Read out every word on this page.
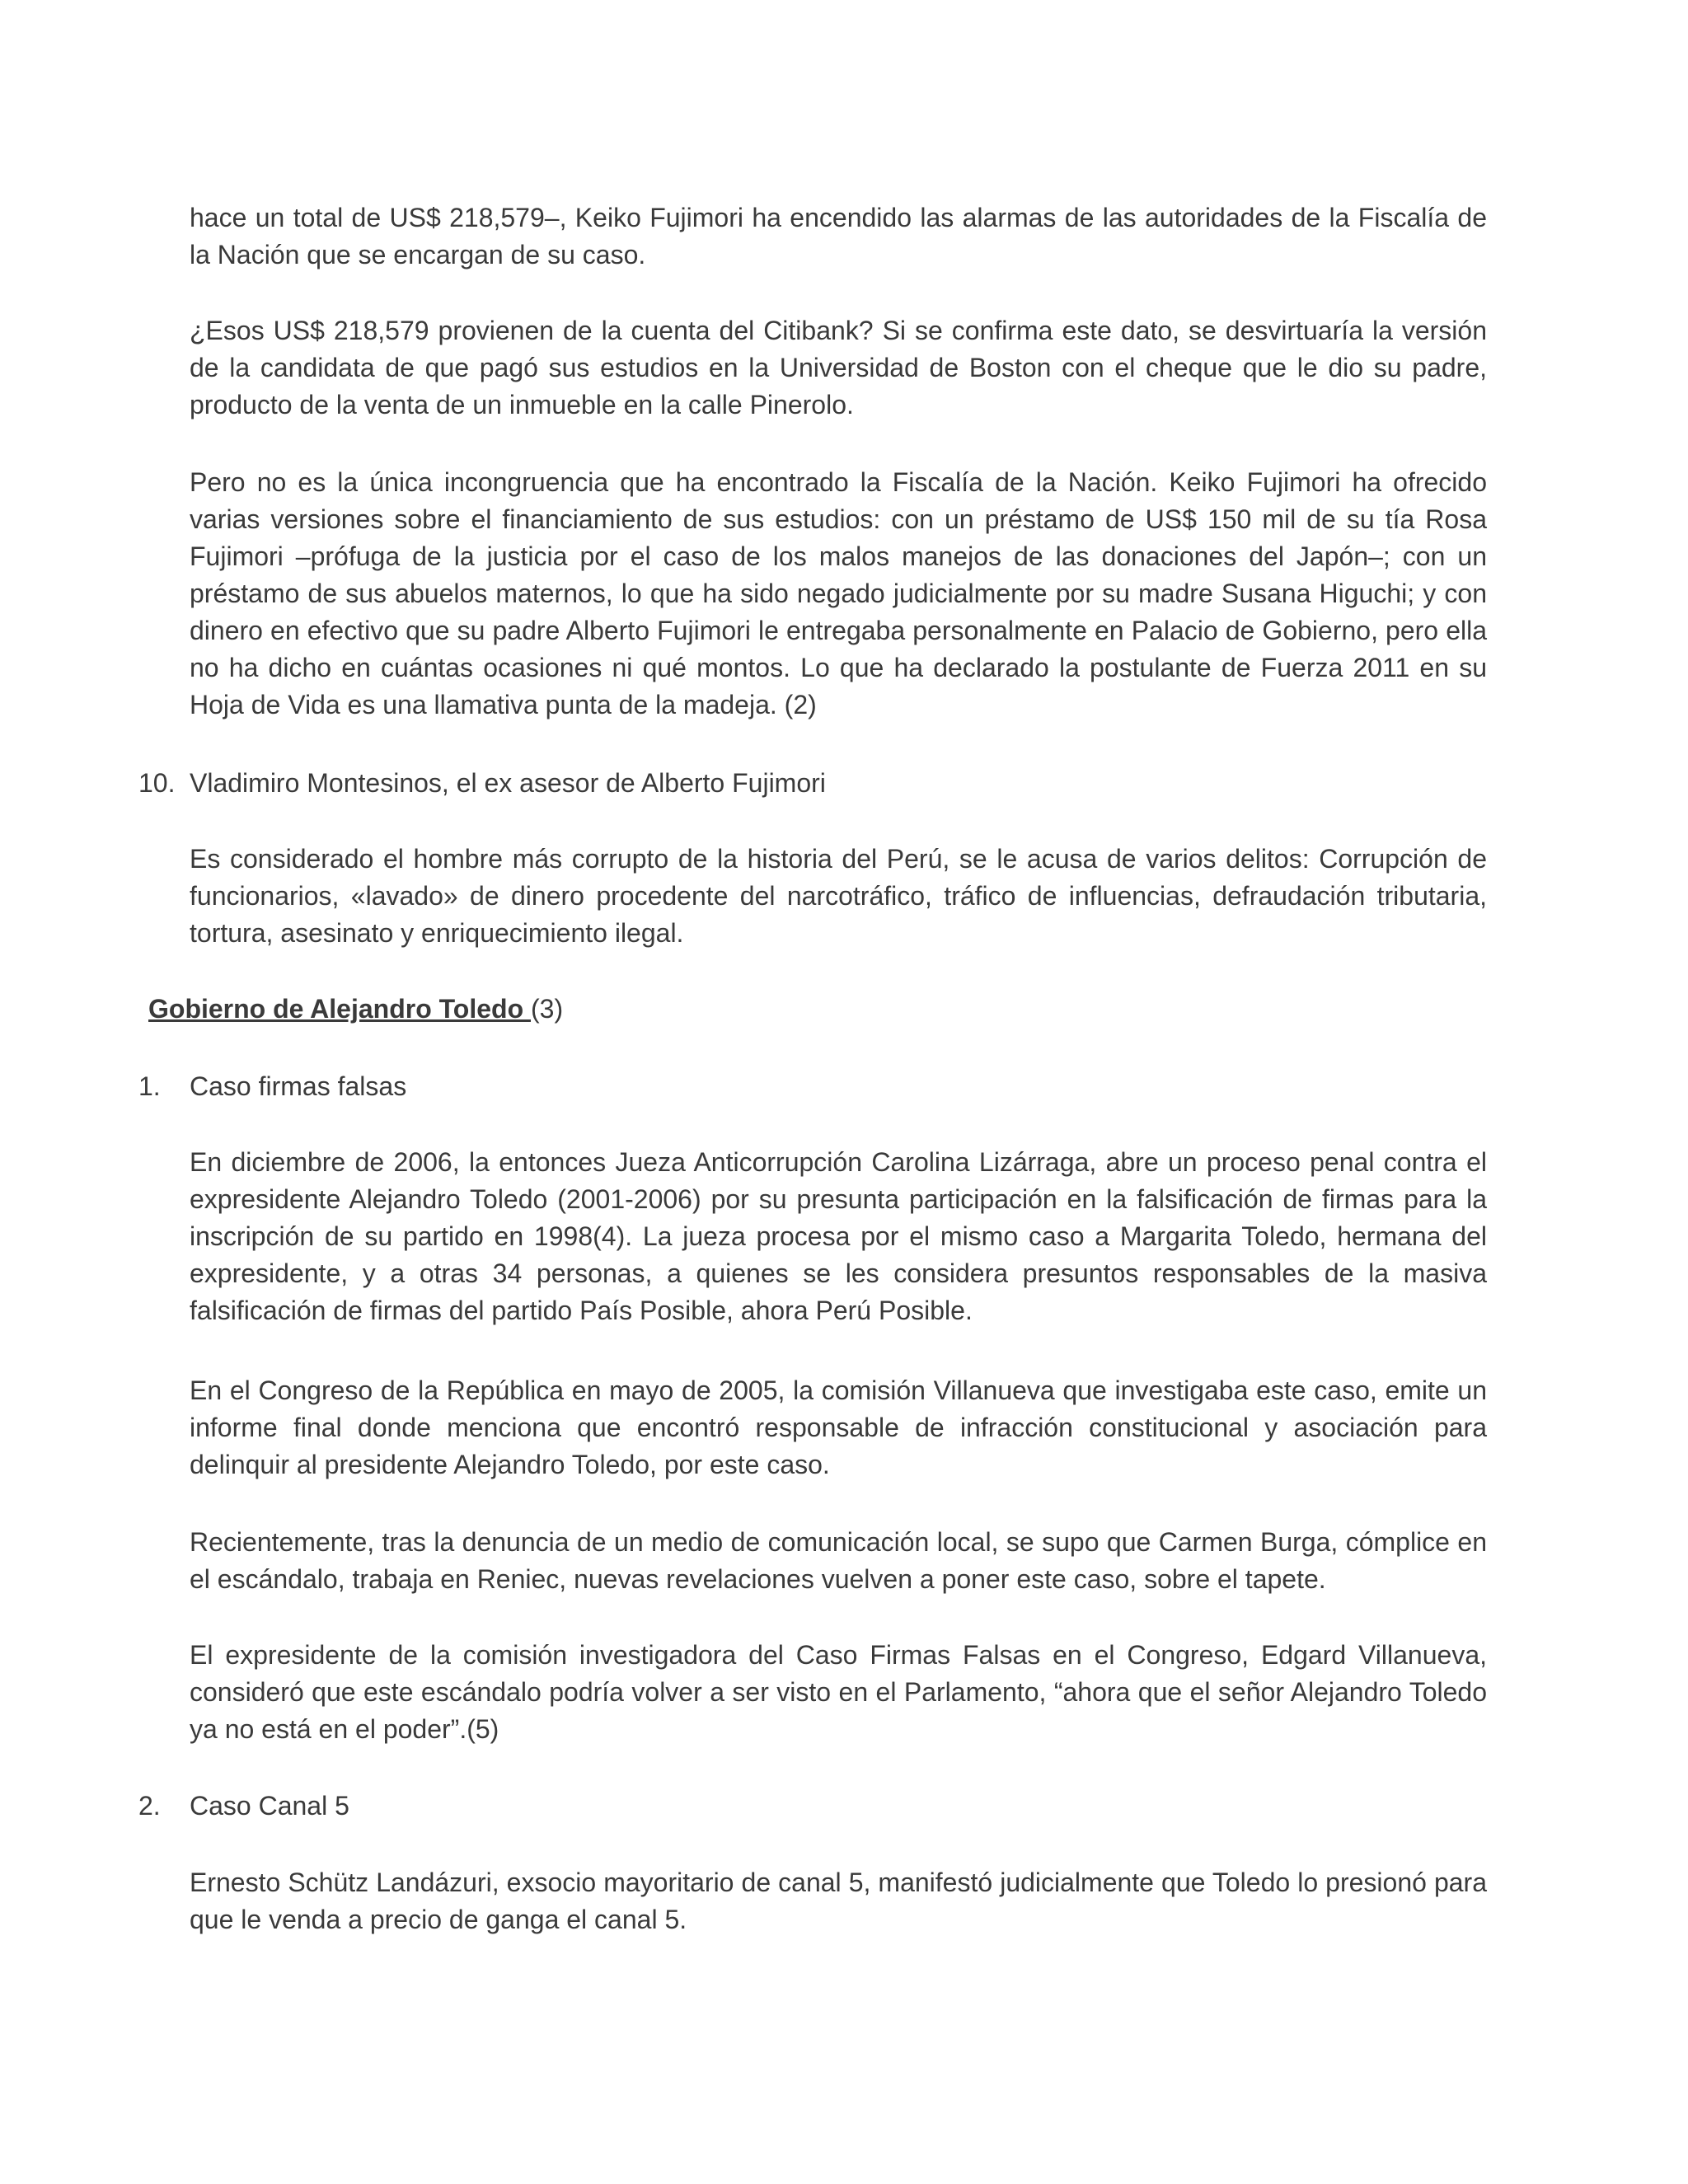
hace un total de US$ 218,579–, Keiko Fujimori ha encendido las alarmas de las autoridades de la Fiscalía de la Nación que se encargan de su caso.

¿Esos US$ 218,579 provienen de la cuenta del Citibank? Si se confirma este dato, se desvirtuaría la versión de la candidata de que pagó sus estudios en la Universidad de Boston con el cheque que le dio su padre, producto de la venta de un inmueble en la calle Pinerolo.

Pero no es la única incongruencia que ha encontrado la Fiscalía de la Nación. Keiko Fujimori ha ofrecido varias versiones sobre el financiamiento de sus estudios: con un préstamo de US$ 150 mil de su tía Rosa Fujimori –prófuga de la justicia por el caso de los malos manejos de las donaciones del Japón–; con un préstamo de sus abuelos maternos, lo que ha sido negado judicialmente por su madre Susana Higuchi; y con dinero en efectivo que su padre Alberto Fujimori le entregaba personalmente en Palacio de Gobierno, pero ella no ha dicho en cuántas ocasiones ni qué montos. Lo que ha declarado la postulante de Fuerza 2011 en su Hoja de Vida es una llamativa punta de la madeja. (2)

10. Vladimiro Montesinos, el ex asesor de Alberto Fujimori

Es considerado el hombre más corrupto de la historia del Perú, se le acusa de varios delitos: Corrupción de funcionarios, «lavado» de dinero procedente del narcotráfico, tráfico de influencias, defraudación tributaria, tortura, asesinato y enriquecimiento ilegal.

Gobierno de Alejandro Toledo (3)

1. Caso firmas falsas

En diciembre de 2006, la entonces Jueza Anticorrupción Carolina Lizárraga, abre un proceso penal contra el expresidente Alejandro Toledo (2001-2006) por su presunta participación en la falsificación de firmas para la inscripción de su partido en 1998(4). La jueza procesa por el mismo caso a Margarita Toledo, hermana del expresidente, y a otras 34 personas, a quienes se les considera presuntos responsables de la masiva falsificación de firmas del partido País Posible, ahora Perú Posible.

En el Congreso de la República en mayo de 2005, la comisión Villanueva que investigaba este caso, emite un informe final donde menciona que encontró responsable de infracción constitucional y asociación para delinquir al presidente Alejandro Toledo, por este caso.

Recientemente, tras la denuncia de un medio de comunicación local, se supo que Carmen Burga, cómplice en el escándalo, trabaja en Reniec, nuevas revelaciones vuelven a poner este caso, sobre el tapete.

El expresidente de la comisión investigadora del Caso Firmas Falsas en el Congreso, Edgard Villanueva, consideró que este escándalo podría volver a ser visto en el Parlamento, “ahora que el señor Alejandro Toledo ya no está en el poder”.(5)

2. Caso Canal 5

Ernesto Schütz Landázuri, exsocio mayoritario de canal 5, manifestó judicialmente que Toledo lo presionó para que le venda a precio de ganga el canal 5.
